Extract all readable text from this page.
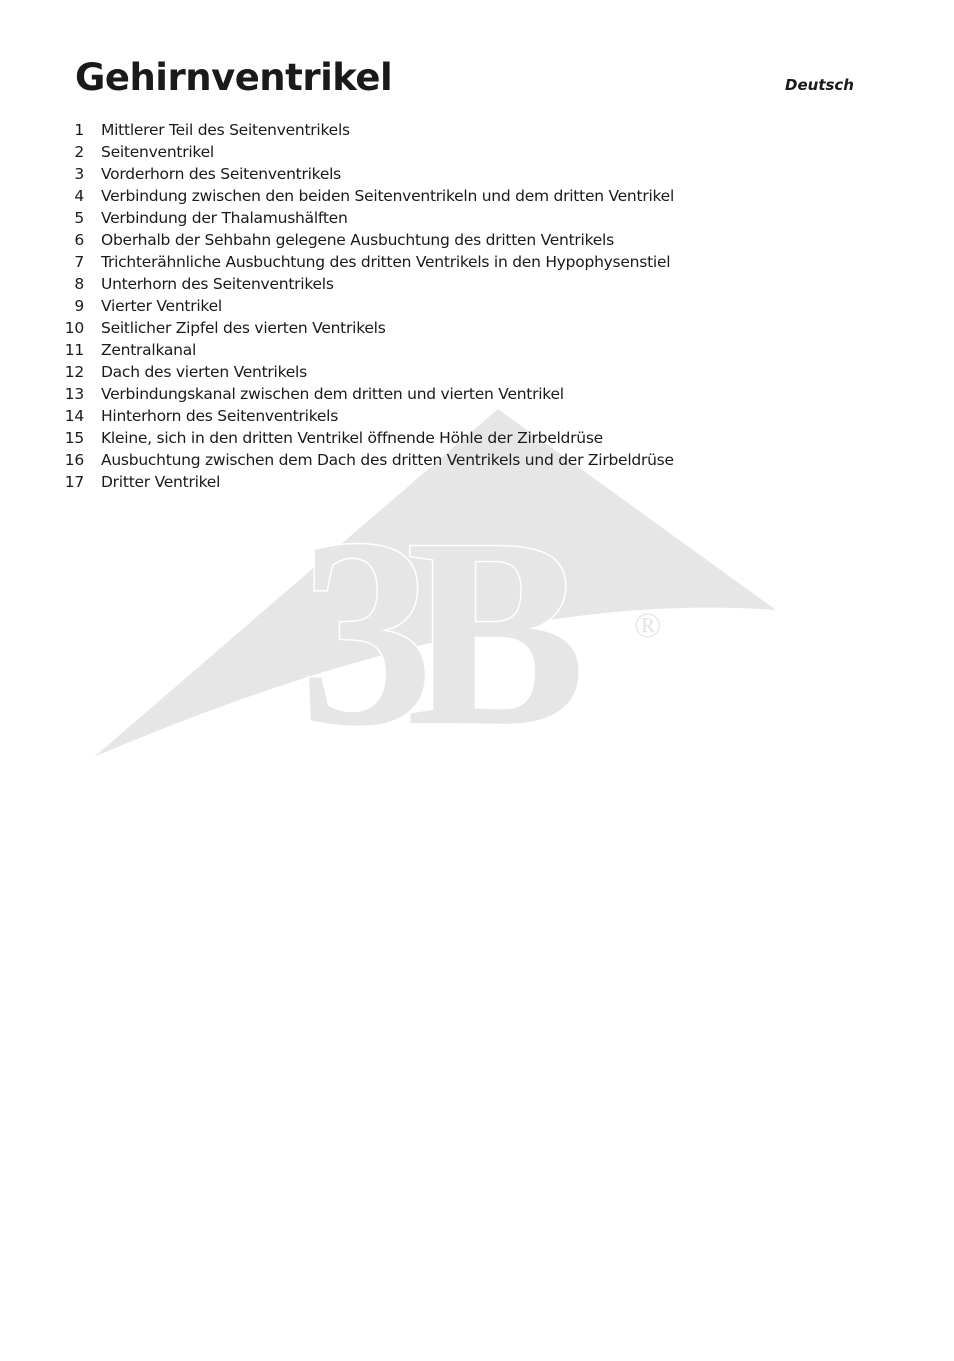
3B	®
Gehirnventrikel	Deutsch
1 Mittlerer Teil des Seitenventrikels
2 Seitenventrikel
3 Vorderhorn des Seitenventrikels
4 Verbindung zwischen den beiden Seitenventrikeln und dem dritten Ventrikel
5 Verbindung der Thalamushälften
6 Oberhalb der Sehbahn gelegene Ausbuchtung des dritten Ventrikels
7 Trichterähnliche Ausbuchtung des dritten Ventrikels in den Hypophysenstiel
8 Unterhorn des Seitenventrikels
9 Vierter Ventrikel
10 Seitlicher Zipfel des vierten Ventrikels
11 Zentralkanal
12 Dach des vierten Ventrikels
13 Verbindungskanal zwischen dem dritten und vierten Ventrikel
14 Hinterhorn des Seitenventrikels
15 Kleine, sich in den dritten Ventrikel öffnende Höhle der Zirbeldrüse
16 Ausbuchtung zwischen dem Dach des dritten Ventrikels und der Zirbeldrüse
17 Dritter Ventrikel
